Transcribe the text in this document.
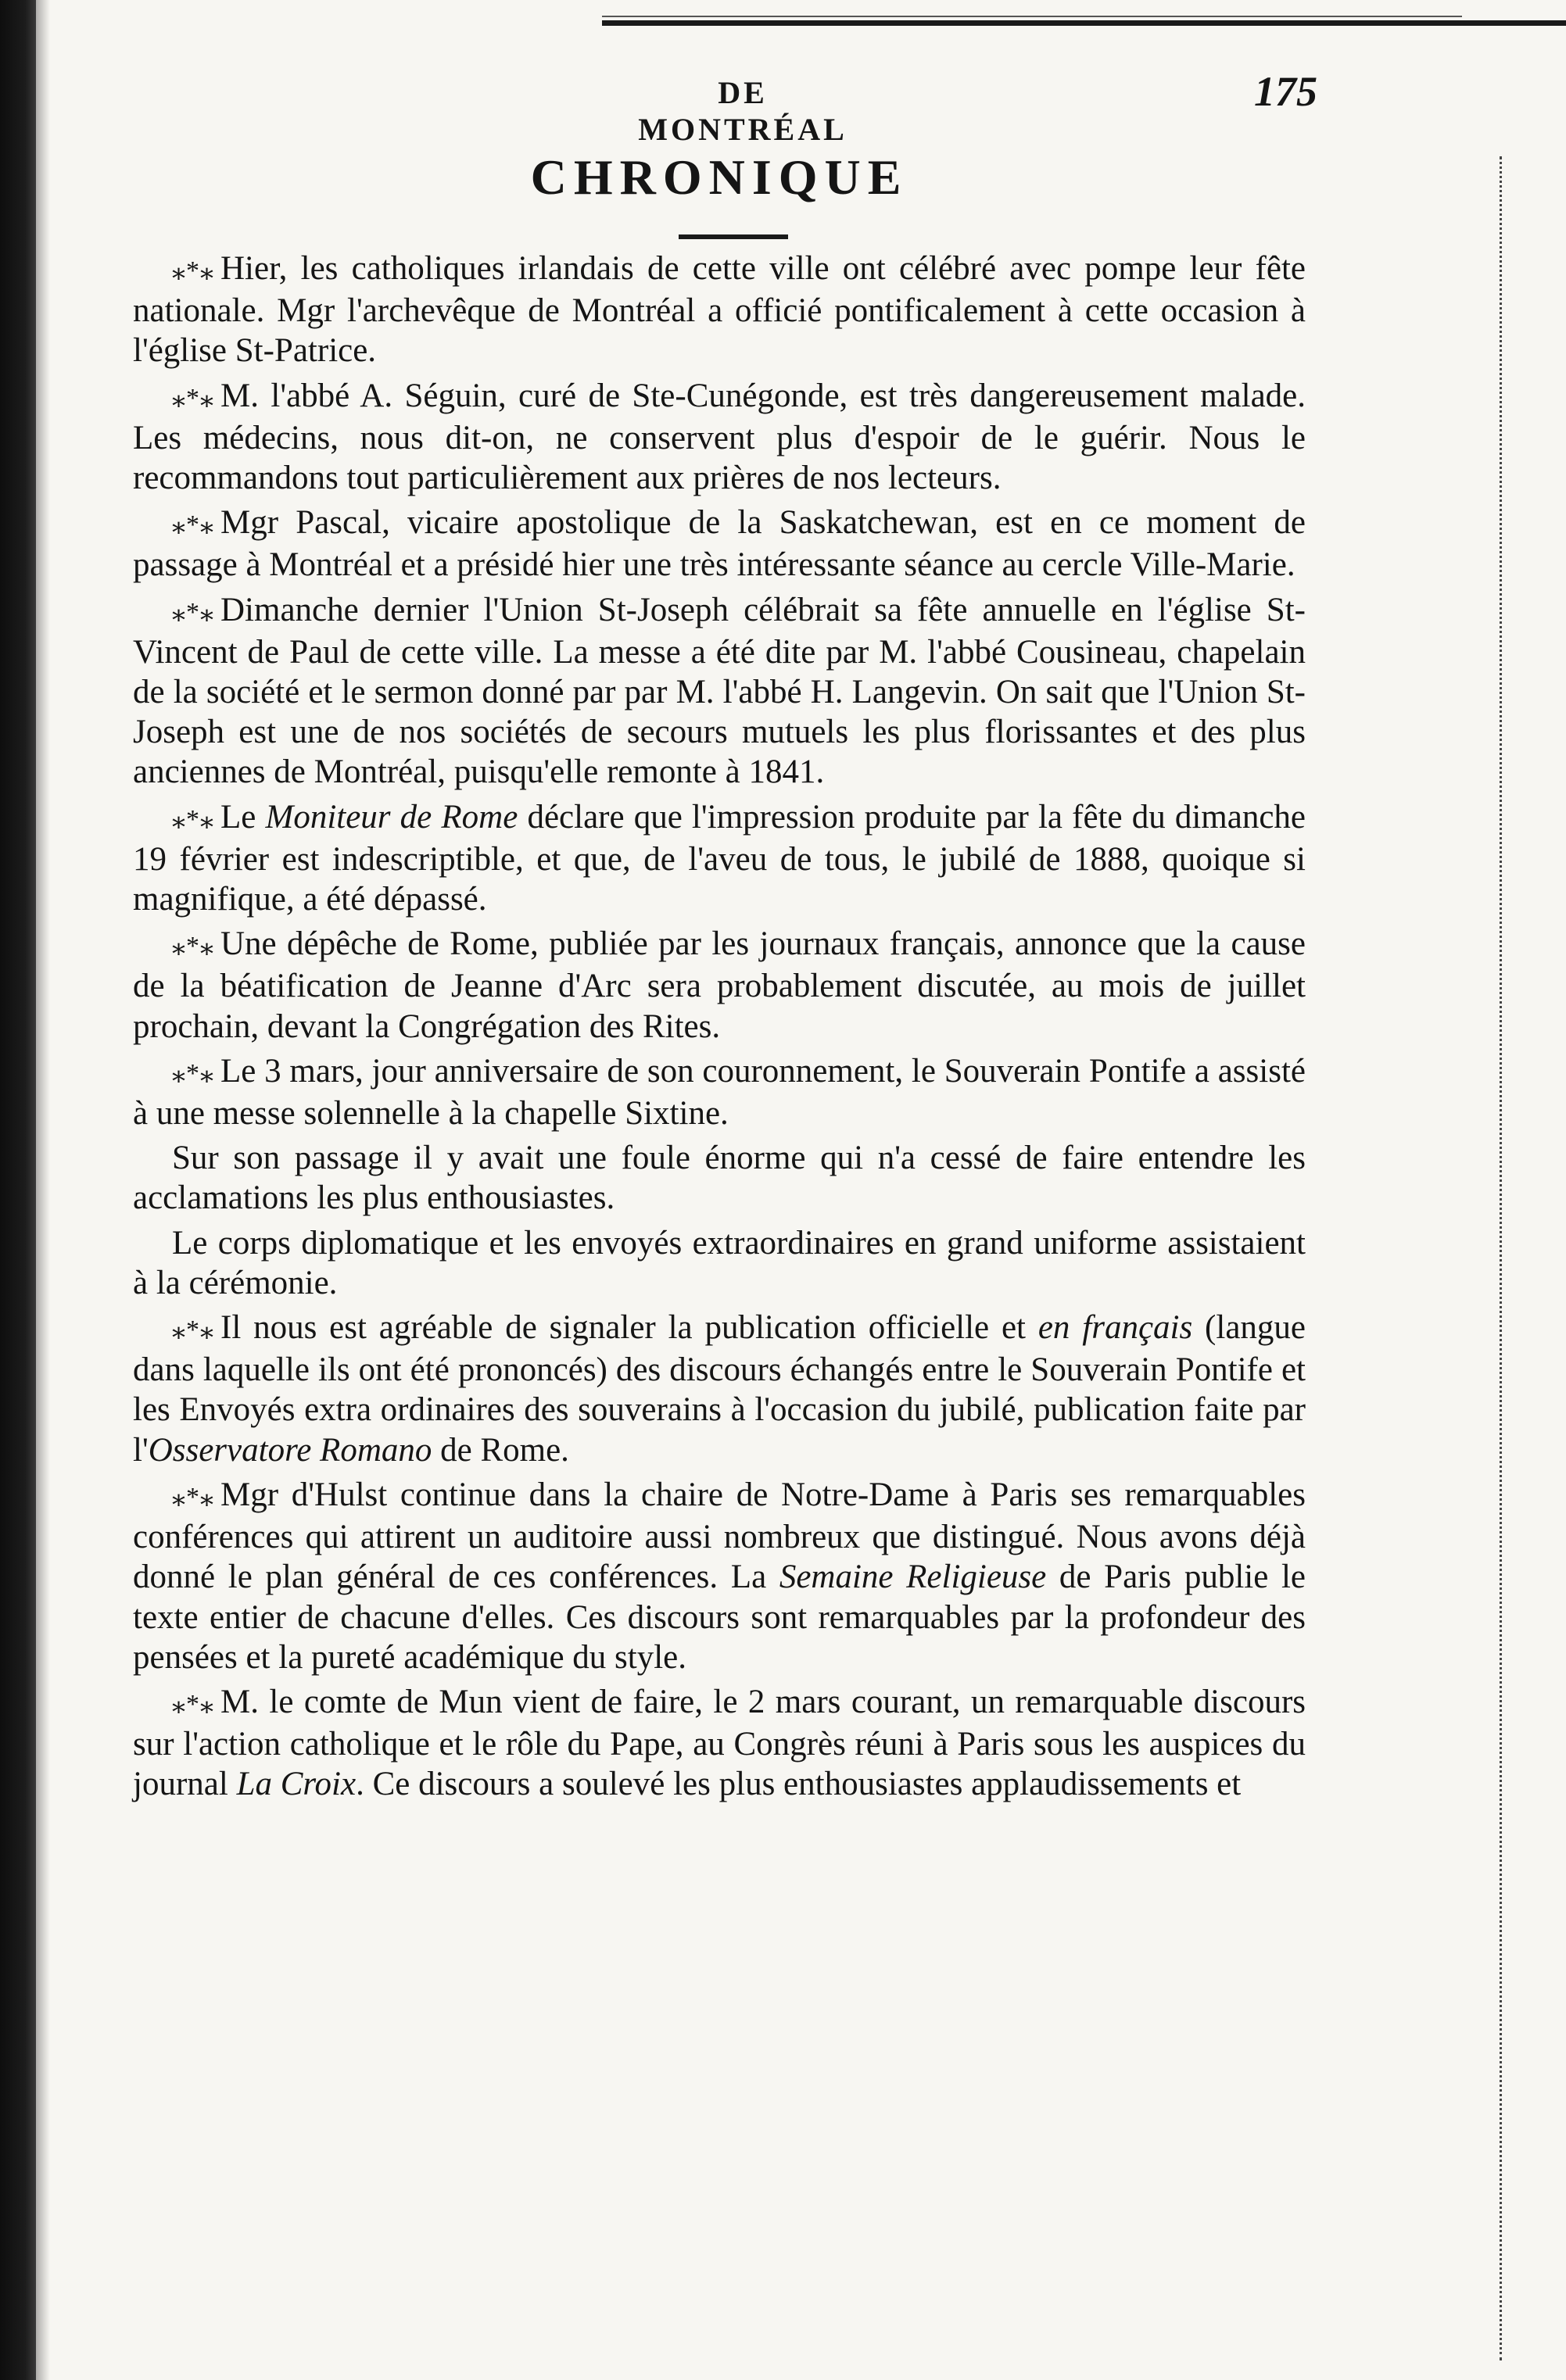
DE MONTRÉAL
175
CHRONIQUE

⁎*⁎ Hier, les catholiques irlandais de cette ville ont célébré avec pompe leur fête nationale. Mgr l'archevêque de Montréal a officié pontificalement à cette occasion à l'église St-Patrice.

⁎*⁎ M. l'abbé A. Séguin, curé de Ste-Cunégonde, est très dangereusement malade. Les médecins, nous dit-on, ne conservent plus d'espoir de le guérir. Nous le recommandons tout particulièrement aux prières de nos lecteurs.

⁎*⁎ Mgr Pascal, vicaire apostolique de la Saskatchewan, est en ce moment de passage à Montréal et a présidé hier une très intéressante séance au cercle Ville-Marie.

⁎*⁎ Dimanche dernier l'Union St-Joseph célébrait sa fête annuelle en l'église St-Vincent de Paul de cette ville. La messe a été dite par M. l'abbé Cousineau, chapelain de la société et le sermon donné par par M. l'abbé H. Langevin. On sait que l'Union St-Joseph est une de nos sociétés de secours mutuels les plus florissantes et des plus anciennes de Montréal, puisqu'elle remonte à 1841.

⁎*⁎ Le Moniteur de Rome déclare que l'impression produite par la fête du dimanche 19 février est indescriptible, et que, de l'aveu de tous, le jubilé de 1888, quoique si magnifique, a été dépassé.

⁎*⁎ Une dépêche de Rome, publiée par les journaux français, annonce que la cause de la béatification de Jeanne d'Arc sera probablement discutée, au mois de juillet prochain, devant la Congrégation des Rites.

⁎*⁎ Le 3 mars, jour anniversaire de son couronnement, le Souverain Pontife a assisté à une messe solennelle à la chapelle Sixtine.

Sur son passage il y avait une foule énorme qui n'a cessé de faire entendre les acclamations les plus enthousiastes.

Le corps diplomatique et les envoyés extraordinaires en grand uniforme assistaient à la cérémonie.

⁎*⁎ Il nous est agréable de signaler la publication officielle et en français (langue dans laquelle ils ont été prononcés) des discours échangés entre le Souverain Pontife et les Envoyés extra ordinaires des souverains à l'occasion du jubilé, publication faite par l'Osservatore Romano de Rome.

⁎*⁎ Mgr d'Hulst continue dans la chaire de Notre-Dame à Paris ses remarquables conférences qui attirent un auditoire aussi nombreux que distingué. Nous avons déjà donné le plan général de ces conférences. La Semaine Religieuse de Paris publie le texte entier de chacune d'elles. Ces discours sont remarquables par la profondeur des pensées et la pureté académique du style.

⁎*⁎ M. le comte de Mun vient de faire, le 2 mars courant, un remarquable discours sur l'action catholique et le rôle du Pape, au Congrès réuni à Paris sous les auspices du journal La Croix. Ce discours a soulevé les plus enthousiastes applaudissements et
